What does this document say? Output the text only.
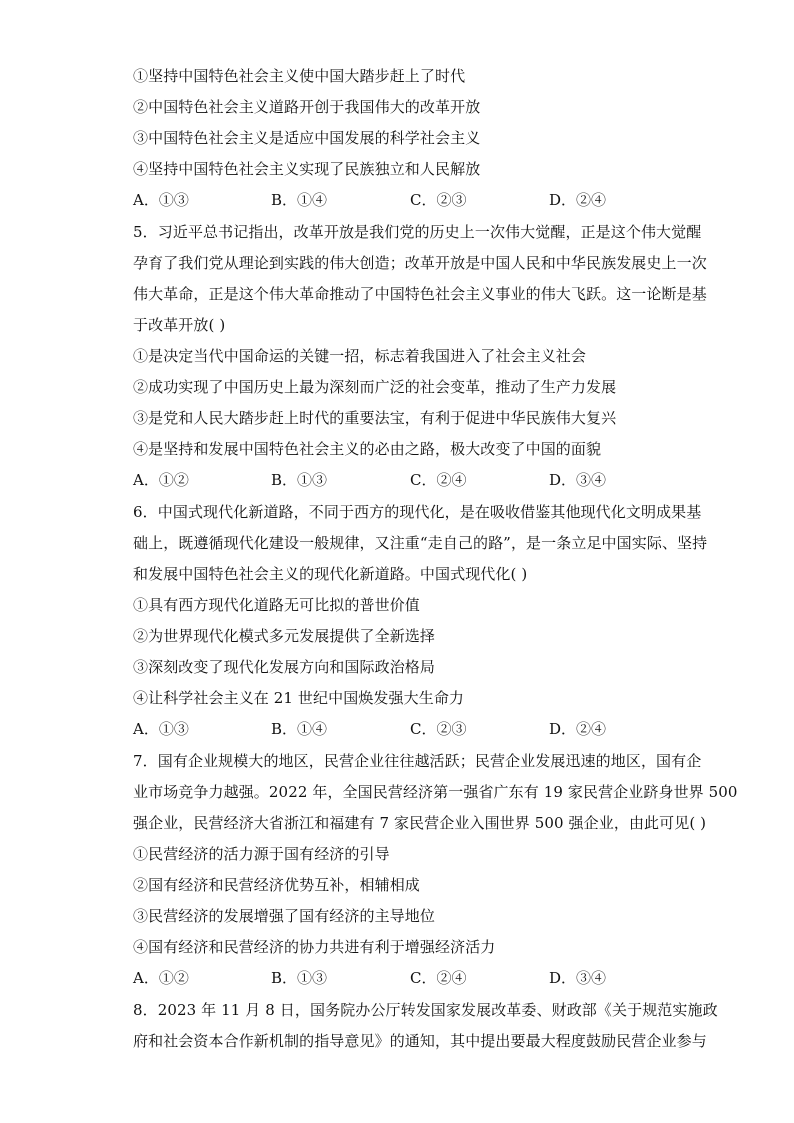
①坚持中国特色社会主义使中国大踏步赶上了时代
②中国特色社会主义道路开创于我国伟大的改革开放
③中国特色社会主义是适应中国发展的科学社会主义
④坚持中国特色社会主义实现了民族独立和人民解放
A．①③	B．①④	C．②③	D．②④
5．习近平总书记指出，改革开放是我们党的历史上一次伟大觉醒，正是这个伟大觉醒
孕育了我们党从理论到实践的伟大创造；改革开放是中国人民和中华民族发展史上一次
伟大革命，正是这个伟大革命推动了中国特色社会主义事业的伟大飞跃。这一论断是基
于改革开放( )
①是决定当代中国命运的关键一招，标志着我国进入了社会主义社会
②成功实现了中国历史上最为深刻而广泛的社会变革，推动了生产力发展
③是党和人民大踏步赶上时代的重要法宝，有利于促进中华民族伟大复兴
④是坚持和发展中国特色社会主义的必由之路，极大改变了中国的面貌
A．①②	B．①③	C．②④	D．③④
6．中国式现代化新道路，不同于西方的现代化，是在吸收借鉴其他现代化文明成果基
础上，既遵循现代化建设一般规律，又注重“走自己的路”，是一条立足中国实际、坚持
和发展中国特色社会主义的现代化新道路。中国式现代化( )
①具有西方现代化道路无可比拟的普世价值
②为世界现代化模式多元发展提供了全新选择
③深刻改变了现代化发展方向和国际政治格局
④让科学社会主义在 21 世纪中国焕发强大生命力
A．①③	B．①④	C．②③	D．②④
7．国有企业规模大的地区，民营企业往往越活跃；民营企业发展迅速的地区，国有企
业市场竞争力越强。2022 年，全国民营经济第一强省广东有 19 家民营企业跻身世界 500
强企业，民营经济大省浙江和福建有 7 家民营企业入围世界 500 强企业，由此可见( )
①民营经济的活力源于国有经济的引导
②国有经济和民营经济优势互补，相辅相成
③民营经济的发展增强了国有经济的主导地位
④国有经济和民营经济的协力共进有利于增强经济活力
A．①②	B．①③	C．②④	D．③④
8．2023 年 11 月 8 日，国务院办公厅转发国家发展改革委、财政部《关于规范实施政
府和社会资本合作新机制的指导意见》的通知，其中提出要最大程度鼓励民营企业参与
